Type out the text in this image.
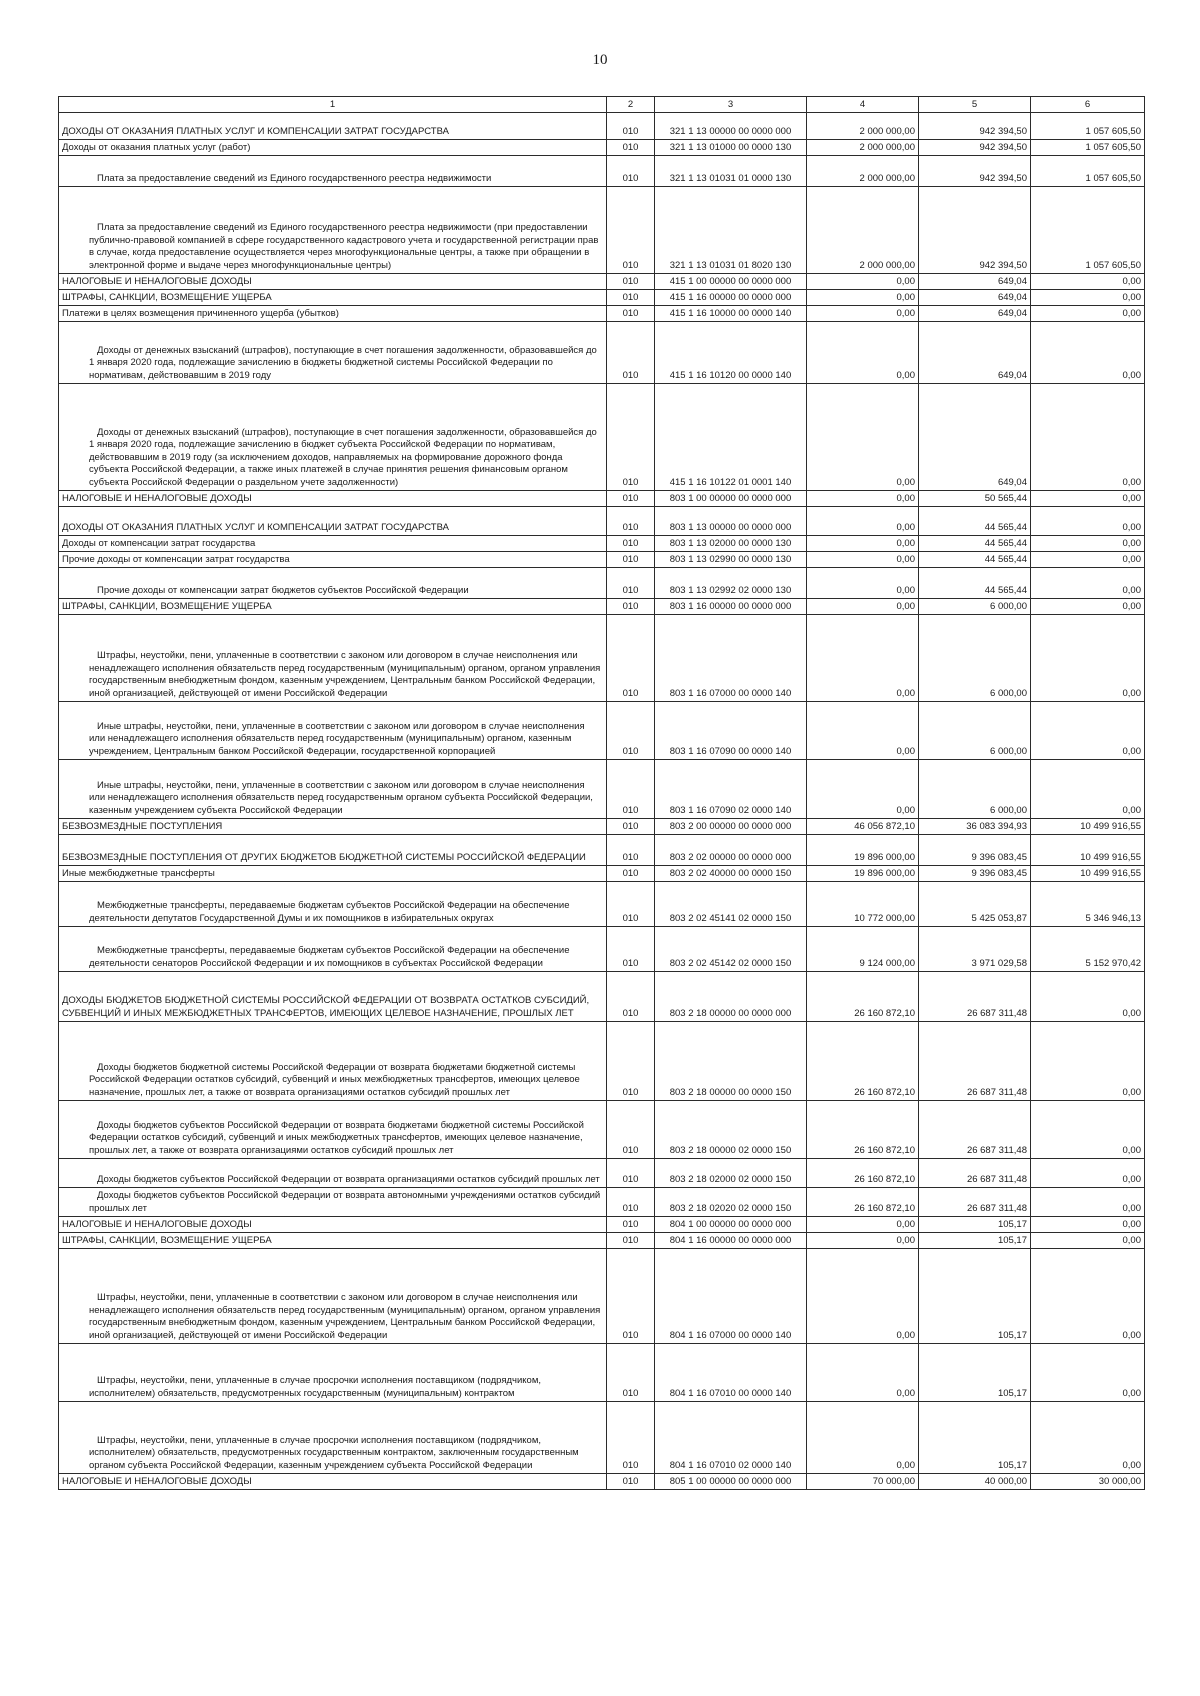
10
1	2	3	4	5	6
ДОХОДЫ ОТ ОКАЗАНИЯ ПЛАТНЫХ УСЛУГ И КОМПЕНСАЦИИ ЗАТРАТ ГОСУДАРСТВА	010	321 1 13 00000 00 0000 000	2 000 000,00	942 394,50	1 057 605,50
Доходы от оказания платных услуг (работ)	010	321 1 13 01000 00 0000 130	2 000 000,00	942 394,50	1 057 605,50
Плата за предоставление сведений из Единого государственного реестра недвижимости	010	321 1 13 01031 01 0000 130	2 000 000,00	942 394,50	1 057 605,50
Плата за предоставление сведений из Единого государственного реестра недвижимости (при предоставлении публично-правовой компанией в сфере государственного кадастрового учета и государственной регистрации прав в случае, когда предоставление осуществляется через многофункциональные центры, а также при обращении в электронной форме и выдаче через многофункциональные центры)	010	321 1 13 01031 01 8020 130	2 000 000,00	942 394,50	1 057 605,50
НАЛОГОВЫЕ И НЕНАЛОГОВЫЕ ДОХОДЫ	010	415 1 00 00000 00 0000 000	0,00	649,04	0,00
ШТРАФЫ, САНКЦИИ, ВОЗМЕЩЕНИЕ УЩЕРБА	010	415 1 16 00000 00 0000 000	0,00	649,04	0,00
Платежи в целях возмещения причиненного ущерба (убытков)	010	415 1 16 10000 00 0000 140	0,00	649,04	0,00
Доходы от денежных взысканий (штрафов), поступающие в счет погашения задолженности, образовавшейся до 1 января 2020 года, подлежащие зачислению в бюджеты бюджетной системы Российской Федерации по нормативам, действовавшим в 2019 году	010	415 1 16 10120 00 0000 140	0,00	649,04	0,00
Доходы от денежных взысканий (штрафов), поступающие в счет погашения задолженности, образовавшейся до 1 января 2020 года, подлежащие зачислению в бюджет субъекта Российской Федерации по нормативам, действовавшим в 2019 году (за исключением доходов, направляемых на формирование дорожного фонда субъекта Российской Федерации, а также иных платежей в случае принятия решения финансовым органом субъекта Российской Федерации о раздельном учете задолженности)	010	415 1 16 10122 01 0001 140	0,00	649,04	0,00
НАЛОГОВЫЕ И НЕНАЛОГОВЫЕ ДОХОДЫ	010	803 1 00 00000 00 0000 000	0,00	50 565,44	0,00
ДОХОДЫ ОТ ОКАЗАНИЯ ПЛАТНЫХ УСЛУГ И КОМПЕНСАЦИИ ЗАТРАТ ГОСУДАРСТВА	010	803 1 13 00000 00 0000 000	0,00	44 565,44	0,00
Доходы от компенсации затрат государства	010	803 1 13 02000 00 0000 130	0,00	44 565,44	0,00
Прочие доходы от компенсации затрат государства	010	803 1 13 02990 00 0000 130	0,00	44 565,44	0,00
Прочие доходы от компенсации затрат бюджетов субъектов Российской Федерации	010	803 1 13 02992 02 0000 130	0,00	44 565,44	0,00
ШТРАФЫ, САНКЦИИ, ВОЗМЕЩЕНИЕ УЩЕРБА	010	803 1 16 00000 00 0000 000	0,00	6 000,00	0,00
Штрафы, неустойки, пени, уплаченные в соответствии с законом или договором в случае неисполнения или ненадлежащего исполнения обязательств перед государственным (муниципальным) органом, органом управления государственным внебюджетным фондом, казенным учреждением, Центральным банком Российской Федерации, иной организацией, действующей от имени Российской Федерации	010	803 1 16 07000 00 0000 140	0,00	6 000,00	0,00
Иные штрафы, неустойки, пени, уплаченные в соответствии с законом или договором в случае неисполнения или ненадлежащего исполнения обязательств перед государственным (муниципальным) органом, казенным учреждением, Центральным банком Российской Федерации, государственной корпорацией	010	803 1 16 07090 00 0000 140	0,00	6 000,00	0,00
Иные штрафы, неустойки, пени, уплаченные в соответствии с законом или договором в случае неисполнения или ненадлежащего исполнения обязательств перед государственным органом субъекта Российской Федерации, казенным учреждением субъекта Российской Федерации	010	803 1 16 07090 02 0000 140	0,00	6 000,00	0,00
БЕЗВОЗМЕЗДНЫЕ ПОСТУПЛЕНИЯ	010	803 2 00 00000 00 0000 000	46 056 872,10	36 083 394,93	10 499 916,55
БЕЗВОЗМЕЗДНЫЕ ПОСТУПЛЕНИЯ ОТ ДРУГИХ БЮДЖЕТОВ БЮДЖЕТНОЙ СИСТЕМЫ РОССИЙСКОЙ ФЕДЕРАЦИИ	010	803 2 02 00000 00 0000 000	19 896 000,00	9 396 083,45	10 499 916,55
Иные межбюджетные трансферты	010	803 2 02 40000 00 0000 150	19 896 000,00	9 396 083,45	10 499 916,55
Межбюджетные трансферты, передаваемые бюджетам субъектов Российской Федерации на обеспечение деятельности депутатов Государственной Думы и их помощников в избирательных округах	010	803 2 02 45141 02 0000 150	10 772 000,00	5 425 053,87	5 346 946,13
Межбюджетные трансферты, передаваемые бюджетам субъектов Российской Федерации на обеспечение деятельности сенаторов Российской Федерации и их помощников в субъектах Российской Федерации	010	803 2 02 45142 02 0000 150	9 124 000,00	3 971 029,58	5 152 970,42
ДОХОДЫ БЮДЖЕТОВ БЮДЖЕТНОЙ СИСТЕМЫ РОССИЙСКОЙ ФЕДЕРАЦИИ ОТ ВОЗВРАТА ОСТАТКОВ СУБСИДИЙ, СУБВЕНЦИЙ И ИНЫХ МЕЖБЮДЖЕТНЫХ ТРАНСФЕРТОВ, ИМЕЮЩИХ ЦЕЛЕВОЕ НАЗНАЧЕНИЕ, ПРОШЛЫХ ЛЕТ	010	803 2 18 00000 00 0000 000	26 160 872,10	26 687 311,48	0,00
Доходы бюджетов бюджетной системы Российской Федерации от возврата бюджетами бюджетной системы Российской Федерации остатков субсидий, субвенций и иных межбюджетных трансфертов, имеющих целевое назначение, прошлых лет, а также от возврата организациями остатков субсидий прошлых лет	010	803 2 18 00000 00 0000 150	26 160 872,10	26 687 311,48	0,00
Доходы бюджетов субъектов Российской Федерации от возврата бюджетами бюджетной системы Российской Федерации остатков субсидий, субвенций и иных межбюджетных трансфертов, имеющих целевое назначение, прошлых лет, а также от возврата организациями остатков субсидий прошлых лет	010	803 2 18 00000 02 0000 150	26 160 872,10	26 687 311,48	0,00
Доходы бюджетов субъектов Российской Федерации от возврата организациями остатков субсидий прошлых лет	010	803 2 18 02000 02 0000 150	26 160 872,10	26 687 311,48	0,00
Доходы бюджетов субъектов Российской Федерации от возврата автономными учреждениями остатков субсидий прошлых лет	010	803 2 18 02020 02 0000 150	26 160 872,10	26 687 311,48	0,00
НАЛОГОВЫЕ И НЕНАЛОГОВЫЕ ДОХОДЫ	010	804 1 00 00000 00 0000 000	0,00	105,17	0,00
ШТРАФЫ, САНКЦИИ, ВОЗМЕЩЕНИЕ УЩЕРБА	010	804 1 16 00000 00 0000 000	0,00	105,17	0,00
Штрафы, неустойки, пени, уплаченные в соответствии с законом или договором в случае неисполнения или ненадлежащего исполнения обязательств перед государственным (муниципальным) органом, органом управления государственным внебюджетным фондом, казенным учреждением, Центральным банком Российской Федерации, иной организацией, действующей от имени Российской Федерации	010	804 1 16 07000 00 0000 140	0,00	105,17	0,00
Штрафы, неустойки, пени, уплаченные в случае просрочки исполнения поставщиком (подрядчиком, исполнителем) обязательств, предусмотренных государственным (муниципальным) контрактом	010	804 1 16 07010 00 0000 140	0,00	105,17	0,00
Штрафы, неустойки, пени, уплаченные в случае просрочки исполнения поставщиком (подрядчиком, исполнителем) обязательств, предусмотренных государственным контрактом, заключенным государственным органом субъекта Российской Федерации, казенным учреждением субъекта Российской Федерации	010	804 1 16 07010 02 0000 140	0,00	105,17	0,00
НАЛОГОВЫЕ И НЕНАЛОГОВЫЕ ДОХОДЫ	010	805 1 00 00000 00 0000 000	70 000,00	40 000,00	30 000,00
